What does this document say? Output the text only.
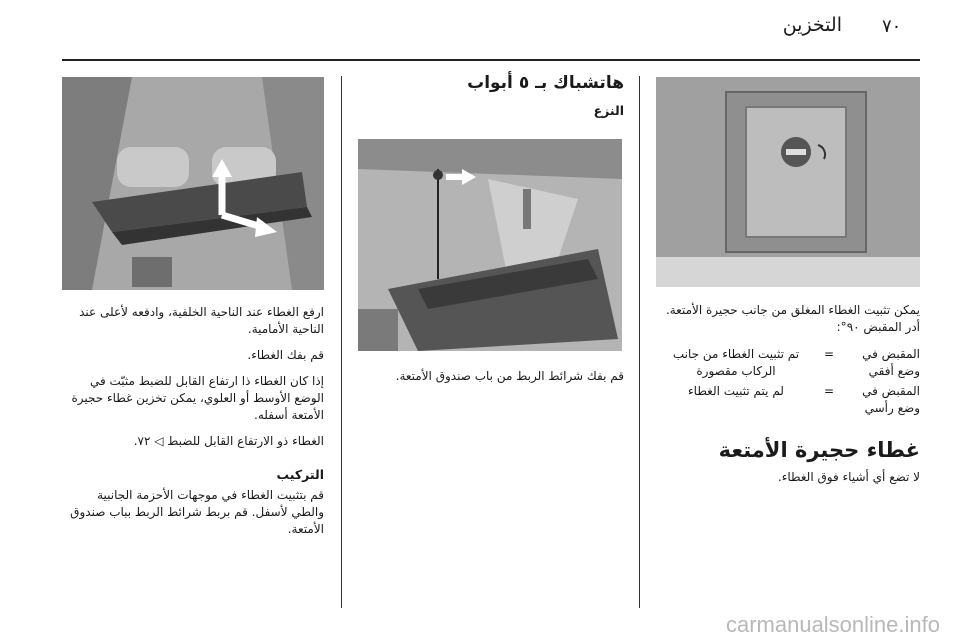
٧٠
التخزين

ارفع الغطاء عند الناحية الخلفية، وادفعه لأعلى عند الناحية الأمامية.

قم بفك الغطاء.

إذا كان الغطاء ذا ارتفاع القابل للضبط مثبّت في الوضع الأوسط أو العلوي، يمكن تخزين غطاء حجيرة الأمتعة أسفله.

الغطاء ذو الارتفاع القابل للضبط ◁ ٧٢.

التركيب

قم بتثبيت الغطاء في موجهات الأحزمة الجانبية والطي لأسفل. قم بربط شرائط الربط بباب صندوق الأمتعة.

هاتشباك بـ ٥ أبواب

النزع

قم بفك شرائط الربط من باب صندوق الأمتعة.

يمكن تثبيت الغطاء المغلق من جانب حجيرة الأمتعة. أدر المقبض ٩٠°:

المقبض في وضع أفقي
=
تم تثبيت الغطاء من جانب الركاب مقصورة
المقبض في وضع رأسي
=
لم يتم تثبيت الغطاء

غطاء حجيرة الأمتعة

لا تضع أي أشياء فوق الغطاء.

carmanualsonline.info
